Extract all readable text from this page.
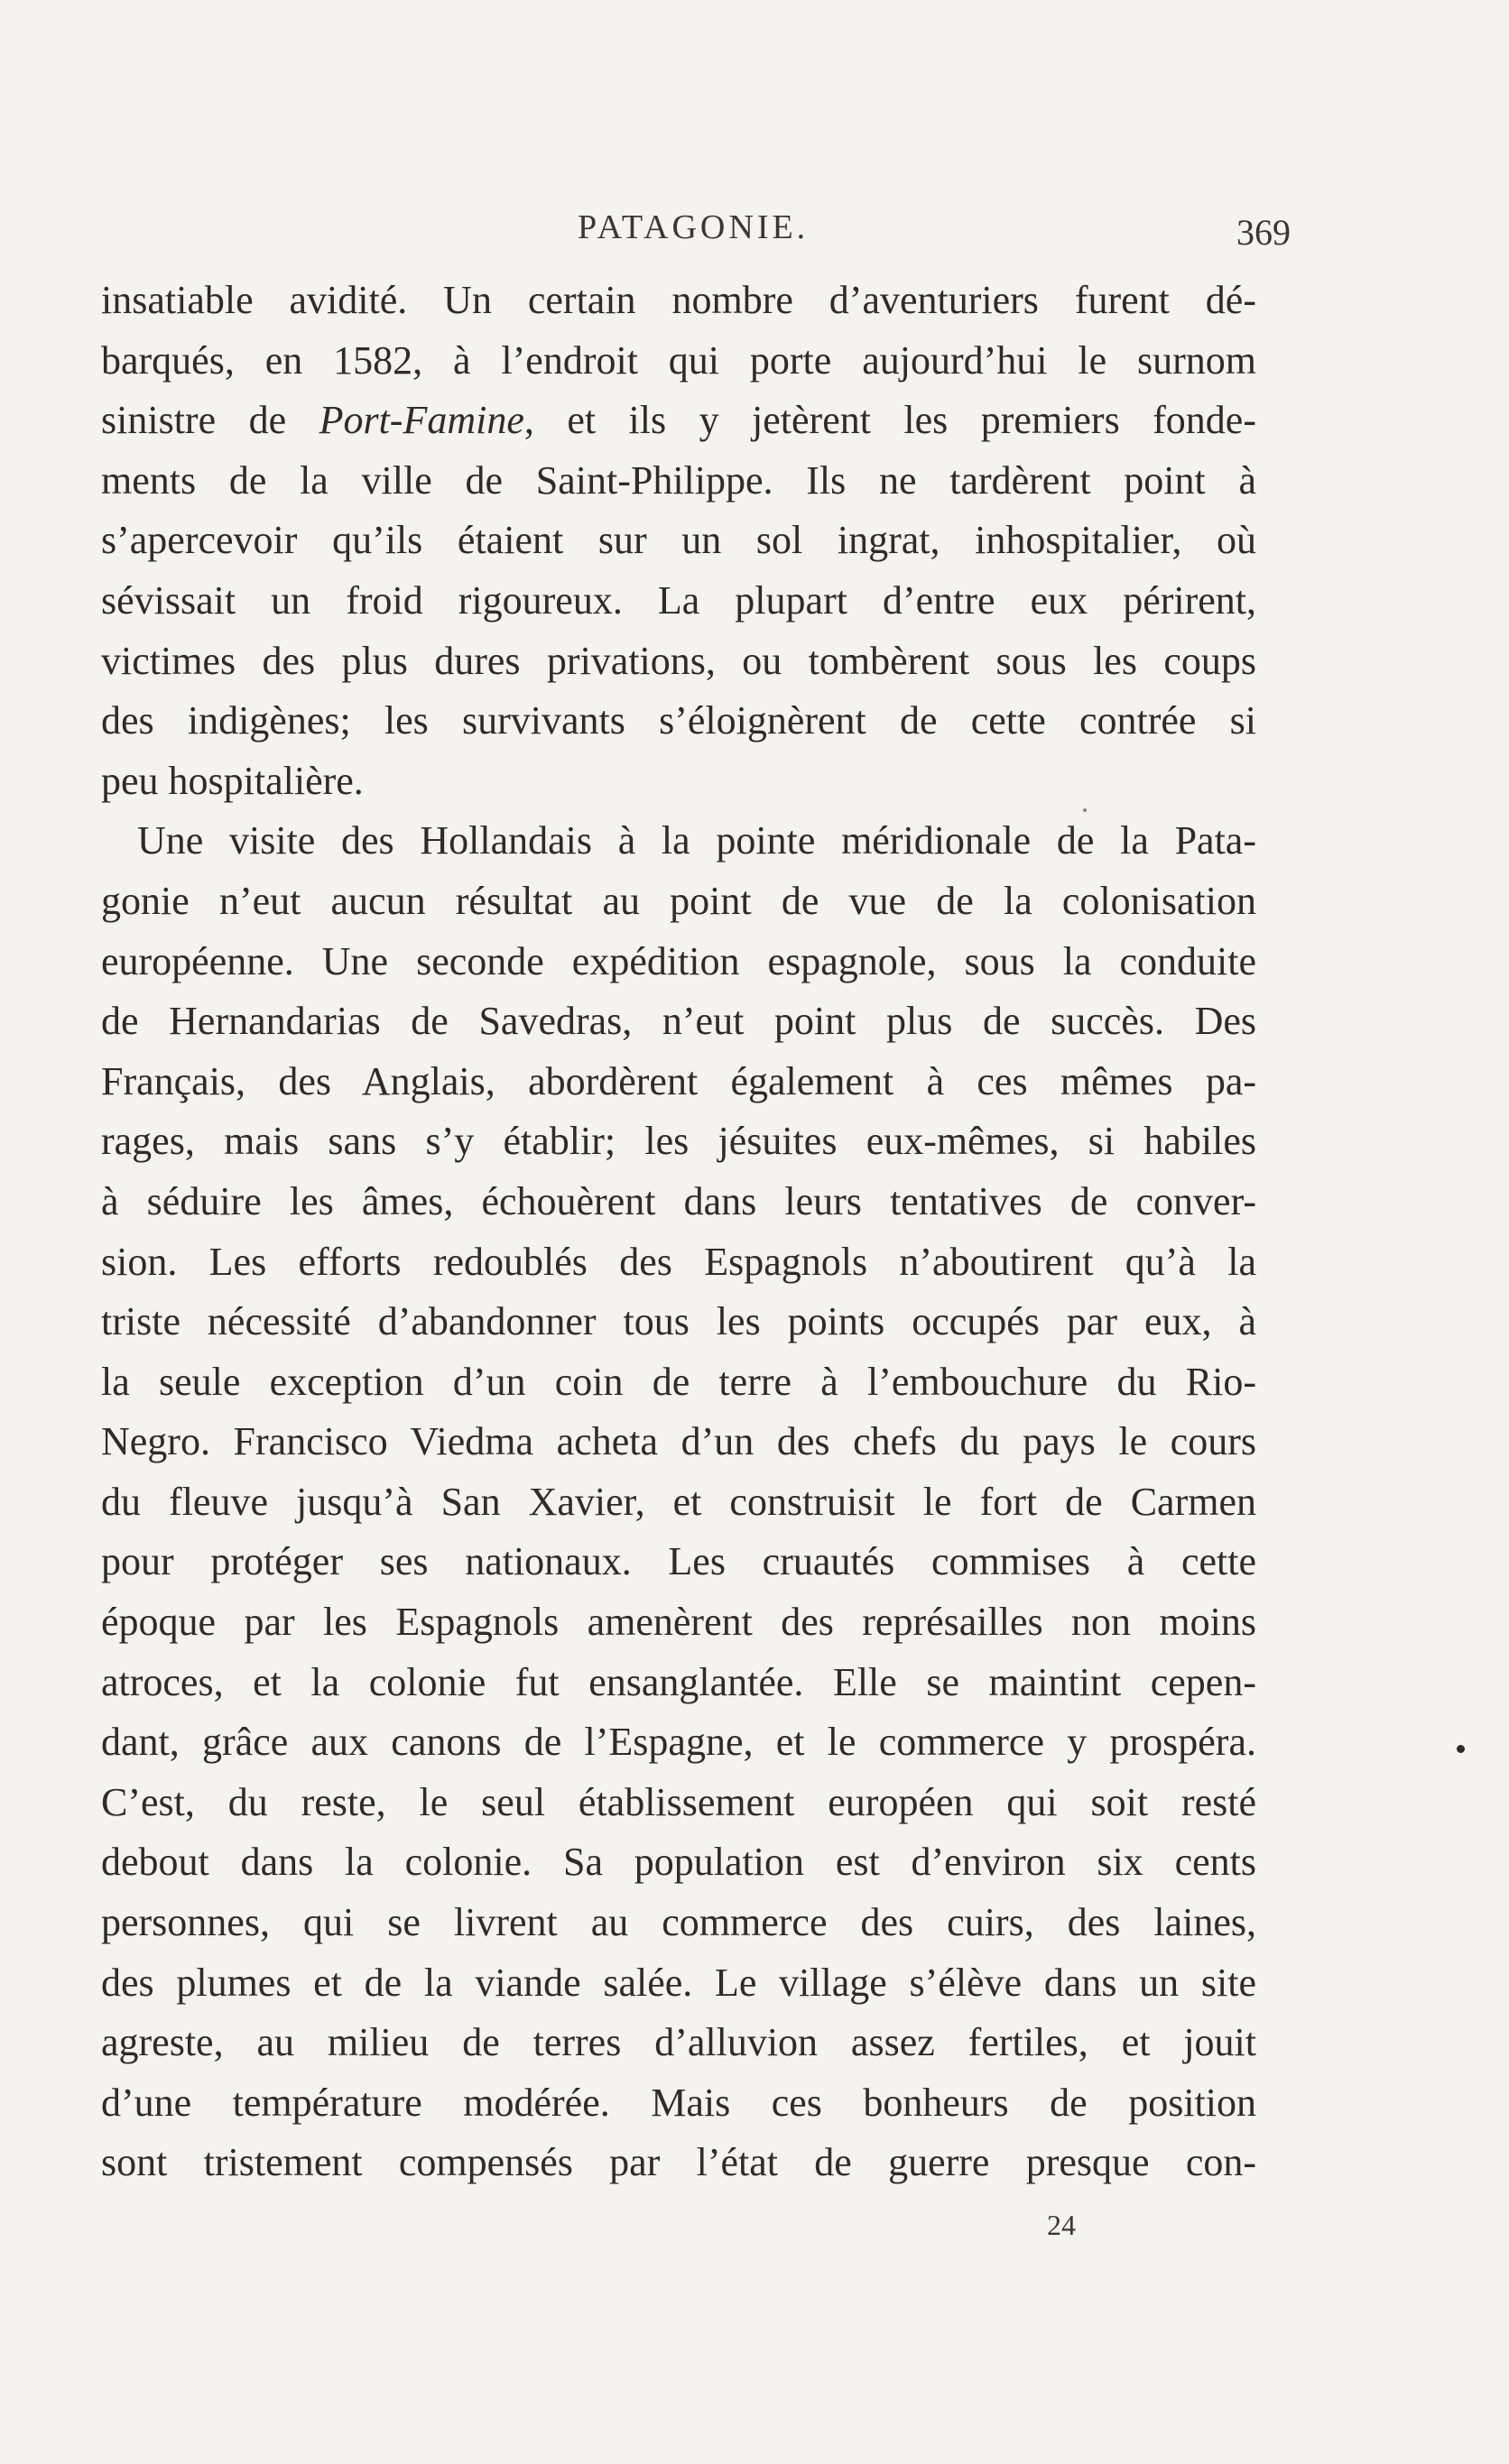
PATAGONIE.	369
insatiable avidité. Un certain nombre d’aventuriers furent dé-
barqués, en 1582, à l’endroit qui porte aujourd’hui le surnom
sinistre de Port-Famine, et ils y jetèrent les premiers fonde-
ments de la ville de Saint-Philippe. Ils ne tardèrent point à
s’apercevoir qu’ils étaient sur un sol ingrat, inhospitalier, où
sévissait un froid rigoureux. La plupart d’entre eux périrent,
victimes des plus dures privations, ou tombèrent sous les coups
des indigènes; les survivants s’éloignèrent de cette contrée si
peu hospitalière.
Une visite des Hollandais à la pointe méridionale de la Pata-
gonie n’eut aucun résultat au point de vue de la colonisation
européenne. Une seconde expédition espagnole, sous la conduite
de Hernandarias de Savedras, n’eut point plus de succès. Des
Français, des Anglais, abordèrent également à ces mêmes pa-
rages, mais sans s’y établir; les jésuites eux-mêmes, si habiles
à séduire les âmes, échouèrent dans leurs tentatives de conver-
sion. Les efforts redoublés des Espagnols n’aboutirent qu’à la
triste nécessité d’abandonner tous les points occupés par eux, à
la seule exception d’un coin de terre à l’embouchure du Rio-
Negro. Francisco Viedma acheta d’un des chefs du pays le cours
du fleuve jusqu’à San Xavier, et construisit le fort de Carmen
pour protéger ses nationaux. Les cruautés commises à cette
époque par les Espagnols amenèrent des représailles non moins
atroces, et la colonie fut ensanglantée. Elle se maintint cepen-
dant, grâce aux canons de l’Espagne, et le commerce y prospéra.
C’est, du reste, le seul établissement européen qui soit resté
debout dans la colonie. Sa population est d’environ six cents
personnes, qui se livrent au commerce des cuirs, des laines,
des plumes et de la viande salée. Le village s’élève dans un site
agreste, au milieu de terres d’alluvion assez fertiles, et jouit
d’une température modérée. Mais ces bonheurs de position
sont tristement compensés par l’état de guerre presque con-
24
